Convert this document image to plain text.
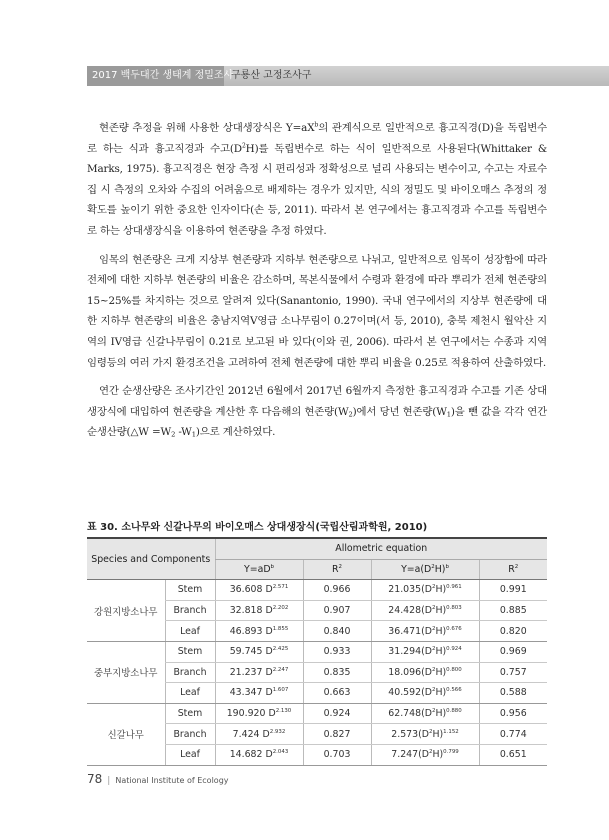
2017 백두대간 생태계 정밀조사
구룡산 고정조사구

현존량 추정을 위해 사용한 상대생장식은 $Y=aX^b$의 관계식으로 일반적으로 흉고직경(D)을 독립변수로 하는 식과 흉고직경과 수고$(D^2H)$를 독립변수로 하는 식이 일반적으로 사용된다(Whittaker & Marks, 1975). 흉고직경은 현장 측정 시 편리성과 정확성으로 널리 사용되는 변수이고, 수고는 자료수집 시 측정의 오차와 수집의 어려움으로 배제하는 경우가 있지만, 식의 정밀도 및 바이오매스 추정의 정확도를 높이기 위한 중요한 인자이다(손 등, 2011). 따라서 본 연구에서는 흉고직경과 수고를 독립변수로 하는 상대생장식을 이용하여 현존량을 추정 하였다.

임목의 현존량은 크게 지상부 현존량과 지하부 현존량으로 나뉘고, 일반적으로 임목이 성장함에 따라 전체에 대한 지하부 현존량의 비율은 감소하며, 목본식물에서 수령과 환경에 따라 뿌리가 전체 현존량의 15~25%를 차지하는 것으로 알려져 있다(Sanantonio, 1990). 국내 연구에서의 지상부 현존량에 대한 지하부 현존량의 비율은 충남지역V영급 소나무림이 0.27이며(서 등, 2010), 충북 제천시 월악산 지역의 IV영급 신갈나무림이 0.21로 보고된 바 있다(이와 권, 2006). 따라서 본 연구에서는 수종과 지역 임령등의 여러 가지 환경조건을 고려하여 전체 현존량에 대한 뿌리 비율을 0.25로 적용하여 산출하였다.

연간 순생산량은 조사기간인 2012년 6월에서 2017년 6월까지 측정한 흉고직경과 수고를 기존 상대생장식에 대입하여 현존량을 계산한 후 다음해의 현존량$(W_2)$에서 당년 현존량$(W_1)$을 뺀 값을 각각 연간 순생산량(△W $=W_2$ $-W_1$)으로 계산하였다.

표 30. 소나무와 신갈나무의 바이오매스 상대생장식(국립산림과학원, 2010)
Species and Components		Allometric equation			
		$Y=aD^b$	$R^2$	$Y=a(D^2H)^b$	$R^2$
강원지방소나무	Stem	36.608 $D^{2.571}$	0.966	$21.035(D^2H)^{0.961}$	0.991
	Branch	32.818 $D^{2.202}$	0.907	$24.428(D^2H)^{0.803}$	0.885
	Leaf	46.893 $D^{1.855}$	0.840	$36.471(D^2H)^{0.676}$	0.820
중부지방소나무	Stem	59.745 $D^{2.425}$	0.933	$31.294(D^2H)^{0.924}$	0.969
	Branch	21.237 $D^{2.247}$	0.835	$18.096(D^2H)^{0.800}$	0.757
	Leaf	43.347 $D^{1.607}$	0.663	$40.592(D^2H)^{0.566}$	0.588
신갈나무	Stem	190.920 $D^{2.130}$	0.924	$62.748(D^2H)^{0.880}$	0.956
	Branch	7.424 $D^{2.932}$	0.827	$2.573(D^2H)^{1.152}$	0.774
	Leaf	14.682 $D^{2.043}$	0.703	$7.247(D^2H)^{0.799}$	0.651
78 | National Institute of Ecology
